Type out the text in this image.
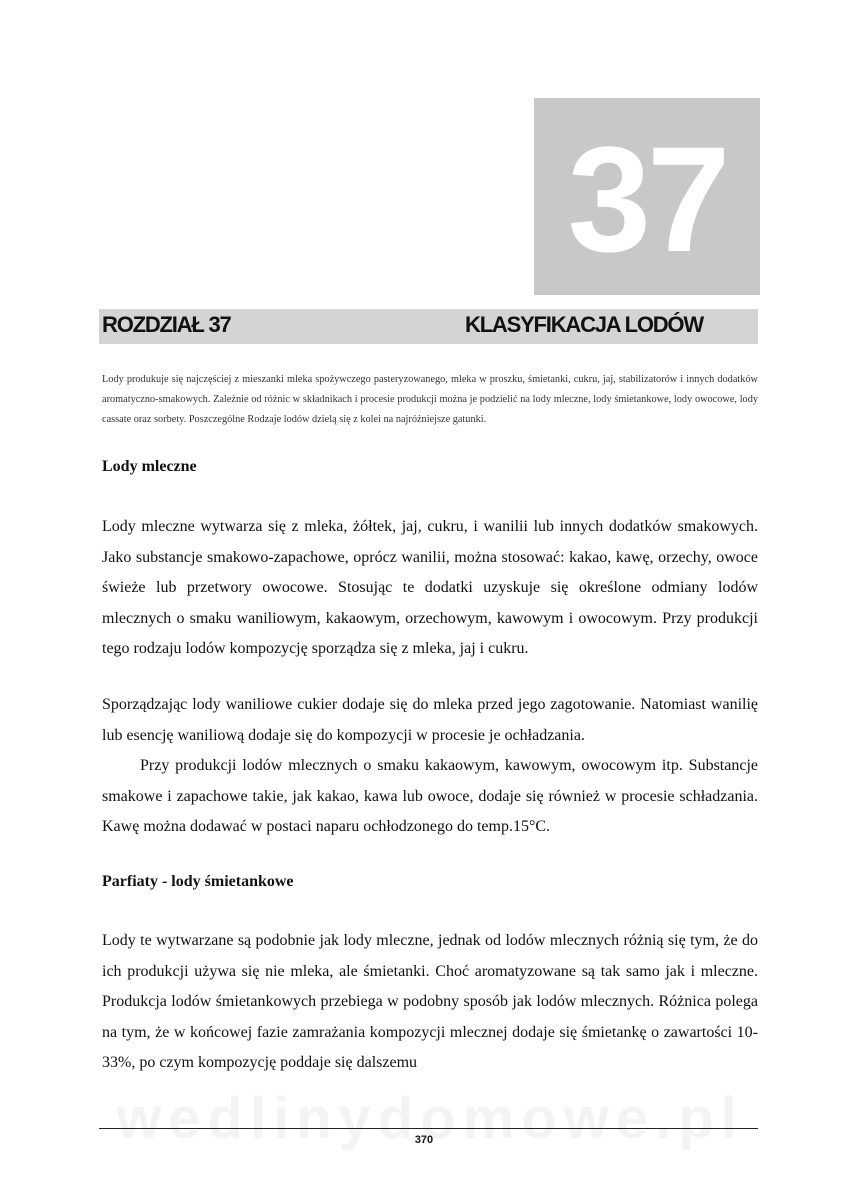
37
ROZDZIAŁ 37	KLASYFIKACJA LODÓW

Lody produkuje się najczęściej z mieszanki mleka spożywczego pasteryzowanego, mleka w proszku, śmietanki, cukru, jaj, stabilizatorów i innych dodatków aromatyczno-smakowych. Zależnie od różnic w składnikach i procesie produkcji można je podzielić na lody mleczne, lody śmietankowe, lody owocowe, lody cassate oraz sorbety. Poszczególne Rodzaje lodów dzielą się z kolei na najróżniejsze gatunki.

Lody mleczne

Lody mleczne wytwarza się z mleka, żółtek, jaj, cukru, i wanilii lub innych dodatków smakowych. Jako substancje smakowo-zapachowe, oprócz wanilii, można stosować: kakao, kawę, orzechy, owoce świeże lub przetwory owocowe. Stosując te dodatki uzyskuje się określone odmiany lodów mlecznych o smaku waniliowym, kakaowym, orzechowym, kawowym i owocowym. Przy produkcji tego rodzaju lodów kompozycję sporządza się z mleka, jaj i cukru.

Sporządzając lody waniliowe cukier dodaje się do mleka przed jego zagotowanie. Natomiast wanilię lub esencję waniliową dodaje się do kompozycji w procesie je ochładzania.

Przy produkcji lodów mlecznych o smaku kakaowym, kawowym, owocowym itp. Substancje smakowe i zapachowe takie, jak kakao, kawa lub owoce, dodaje się również w procesie schładzania. Kawę można dodawać w postaci naparu ochłodzonego do temp.15°C.

Parfiaty - lody śmietankowe

Lody te wytwarzane są podobnie jak lody mleczne, jednak od lodów mlecznych różnią się tym, że do ich produkcji używa się nie mleka, ale śmietanki. Choć aromatyzowane są tak samo jak i mleczne. Produkcja lodów śmietankowych przebiega w podobny sposób jak lodów mlecznych. Różnica polega na tym, że w końcowej fazie zamrażania kompozycji mlecznej dodaje się śmietankę o zawartości 10-33%, po czym kompozycję poddaje się dalszemu

370
